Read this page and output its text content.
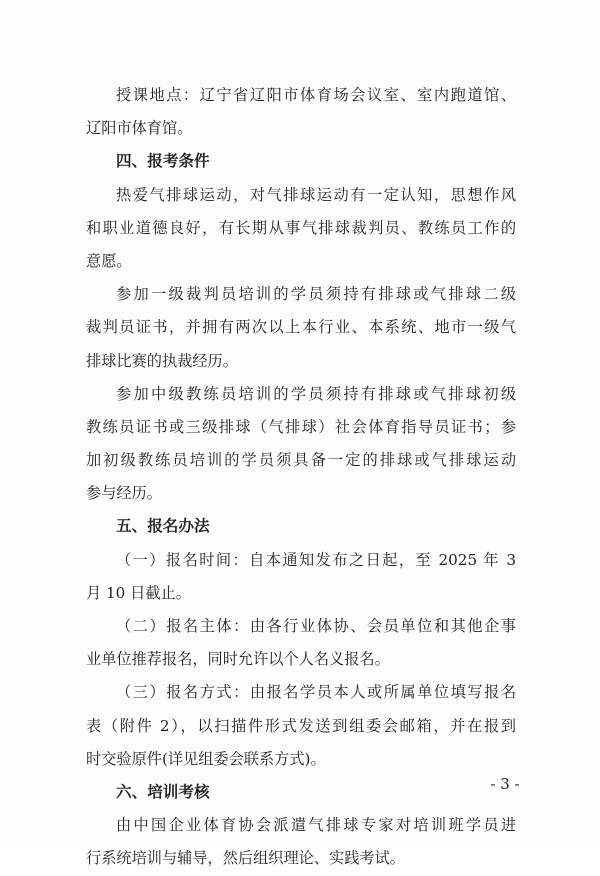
授课地点：辽宁省辽阳市体育场会议室、室内跑道馆、
辽阳市体育馆。
四、报考条件
热爱气排球运动，对气排球运动有一定认知，思想作风
和职业道德良好，有长期从事气排球裁判员、教练员工作的
意愿。
参加一级裁判员培训的学员须持有排球或气排球二级
裁判员证书，并拥有两次以上本行业、本系统、地市一级气
排球比赛的执裁经历。
参加中级教练员培训的学员须持有排球或气排球初级
教练员证书或三级排球（气排球）社会体育指导员证书；参
加初级教练员培训的学员须具备一定的排球或气排球运动
参与经历。
五、报名办法
（一）报名时间：自本通知发布之日起，至 2025 年 3
月 10 日截止。
（二）报名主体：由各行业体协、会员单位和其他企事
业单位推荐报名，同时允许以个人名义报名。
（三）报名方式：由报名学员本人或所属单位填写报名
表（附件 2），以扫描件形式发送到组委会邮箱，并在报到
时交验原件(详见组委会联系方式)。
六、培训考核
由中国企业体育协会派遣气排球专家对培训班学员进
行系统培训与辅导，然后组织理论、实践考试。
- 3 -
